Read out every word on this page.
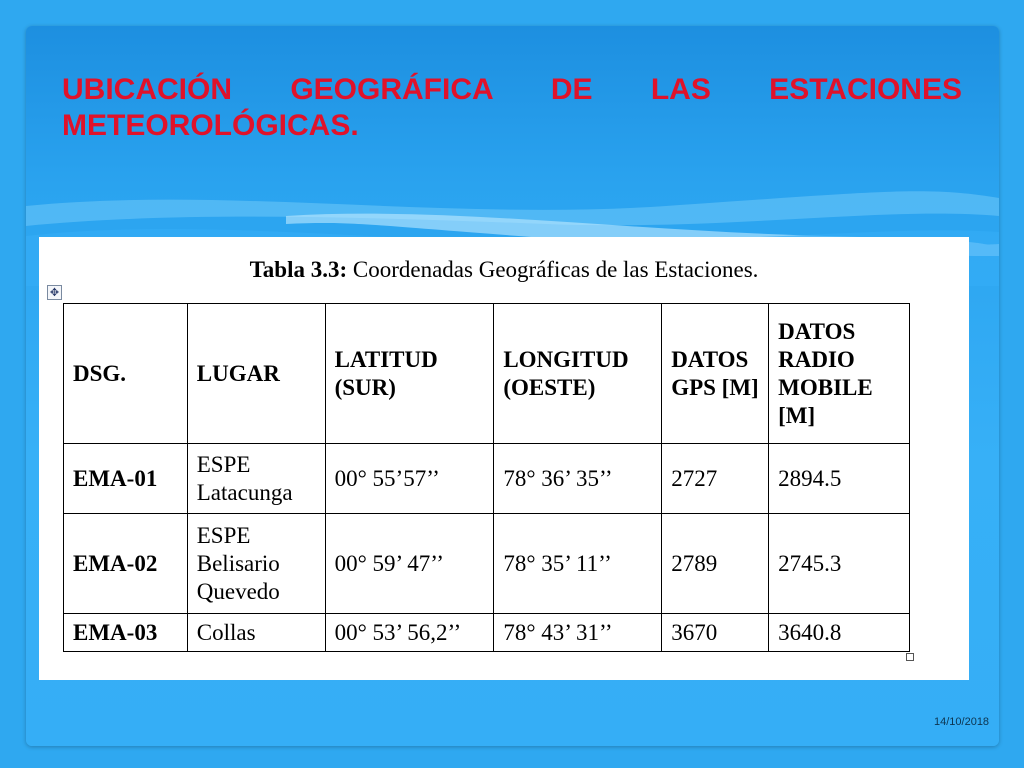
UBICACIÓN GEOGRÁFICA DE LAS ESTACIONES METEOROLÓGICAS.
Tabla 3.3: Coordenadas Geográficas de las Estaciones.
✥
DSG.	LUGAR	LATITUD (SUR)	LONGITUD (OESTE)	DATOS GPS [M]	DATOS RADIO MOBILE [M]
EMA-01	ESPE Latacunga	00° 55’57’’	78° 36’ 35’’	2727	2894.5
EMA-02	ESPE Belisario Quevedo	00° 59’ 47’’	78° 35’ 11’’	2789	2745.3
EMA-03	Collas	00° 53’ 56,2’’	78° 43’ 31’’	3670	3640.8
14/10/2018
